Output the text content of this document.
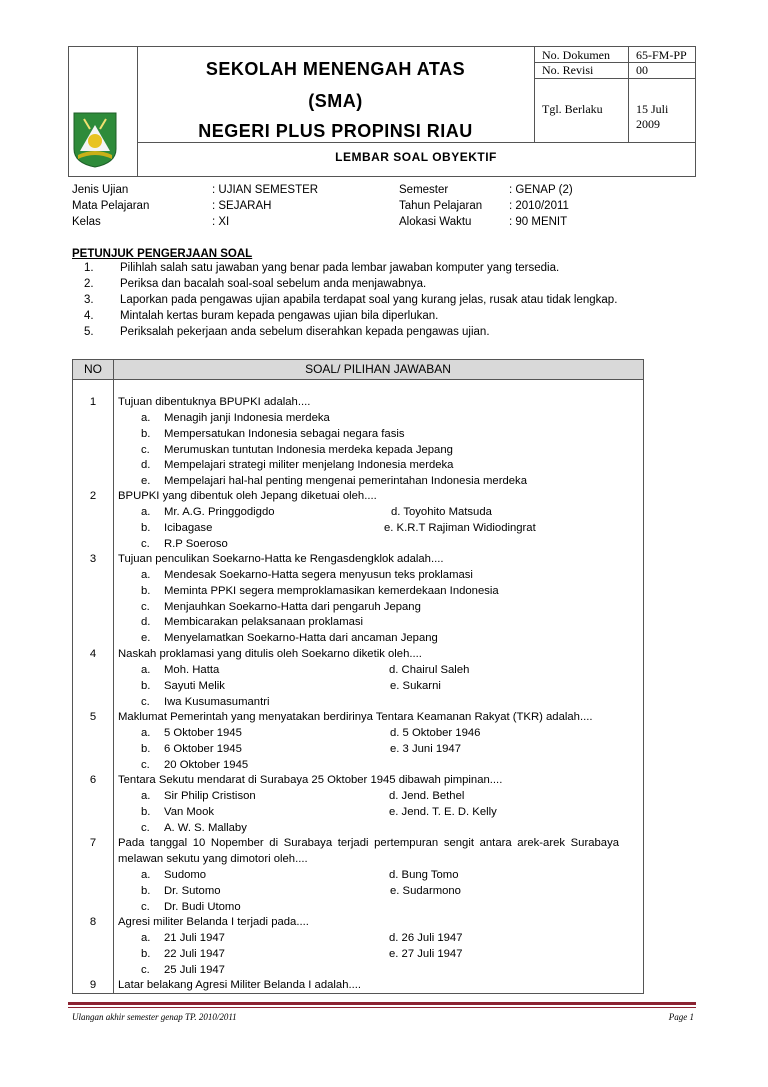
SEKOLAH MENENGAH ATAS
(SMA)
NEGERI PLUS PROPINSI RIAU
No. Dokumen 65-FM-PP
No. Revisi	00
Tgl. Berlaku	15 Juli 2009
LEMBAR SOAL OBYEKTIF
Jenis Ujian	: UJIAN SEMESTER
Mata Pelajaran	: SEJARAH
Kelas	: XI
Semester	: GENAP (2)
Tahun Pelajaran : 2010/2011
Alokasi Waktu	: 90 MENIT
PETUNJUK PENGERJAAN SOAL
1. Pilihlah salah satu jawaban yang benar pada lembar jawaban komputer yang tersedia.
2. Periksa dan bacalah soal-soal sebelum anda menjawabnya.
3. Laporkan pada pengawas ujian apabila terdapat soal yang kurang jelas, rusak atau tidak lengkap.
4. Mintalah kertas buram kepada pengawas ujian bila diperlukan.
5. Periksalah pekerjaan anda sebelum diserahkan kepada pengawas ujian.
NO	SOAL/ PILIHAN JAWABAN
1	Tujuan dibentuknya BPUPKI adalah....
a. Menagih janji Indonesia merdeka
b. Mempersatukan Indonesia sebagai negara fasis
c. Merumuskan tuntutan Indonesia merdeka kepada Jepang
d. Mempelajari strategi militer menjelang Indonesia merdeka
e. Mempelajari hal-hal penting mengenai pemerintahan Indonesia merdeka
2	BPUPKI yang dibentuk oleh Jepang diketuai oleh....
a. Mr. A.G. Pringgodigdo	d. Toyohito Matsuda
b. Icibagase	e. K.R.T Rajiman Widiodingrat
c. R.P Soeroso
3	Tujuan penculikan Soekarno-Hatta ke Rengasdengklok adalah....
a. Mendesak Soekarno-Hatta segera menyusun teks proklamasi
b. Meminta PPKI segera memproklamasikan kemerdekaan Indonesia
c. Menjauhkan Soekarno-Hatta dari pengaruh Jepang
d. Membicarakan pelaksanaan proklamasi
e. Menyelamatkan Soekarno-Hatta dari ancaman Jepang
4	Naskah proklamasi yang ditulis oleh Soekarno diketik oleh....
a. Moh. Hatta	d. Chairul Saleh
b. Sayuti Melik	e. Sukarni
c. Iwa Kusumasumantri
5	Maklumat Pemerintah yang menyatakan berdirinya Tentara Keamanan Rakyat (TKR) adalah....
a. 5 Oktober 1945	d. 5 Oktober 1946
b. 6 Oktober 1945	e. 3 Juni 1947
c. 20 Oktober 1945
6	Tentara Sekutu mendarat di Surabaya 25 Oktober 1945 dibawah pimpinan....
a. Sir Philip Cristison	d. Jend. Bethel
b. Van Mook	e. Jend. T. E. D. Kelly
c. A. W. S. Mallaby
7	Pada tanggal 10 Nopember di Surabaya terjadi pertempuran sengit antara arek-arek Surabaya
melawan sekutu yang dimotori oleh....
a. Sudomo	d. Bung Tomo
b. Dr. Sutomo	e. Sudarmono
c. Dr. Budi Utomo
8	Agresi militer Belanda I terjadi pada....
a. 21 Juli 1947	d. 26 Juli 1947
b. 22 Juli 1947	e. 27 Juli 1947
c. 25 Juli 1947
9	Latar belakang Agresi Militer Belanda I adalah....
Ulangan akhir semester genap TP. 2010/2011	Page 1
